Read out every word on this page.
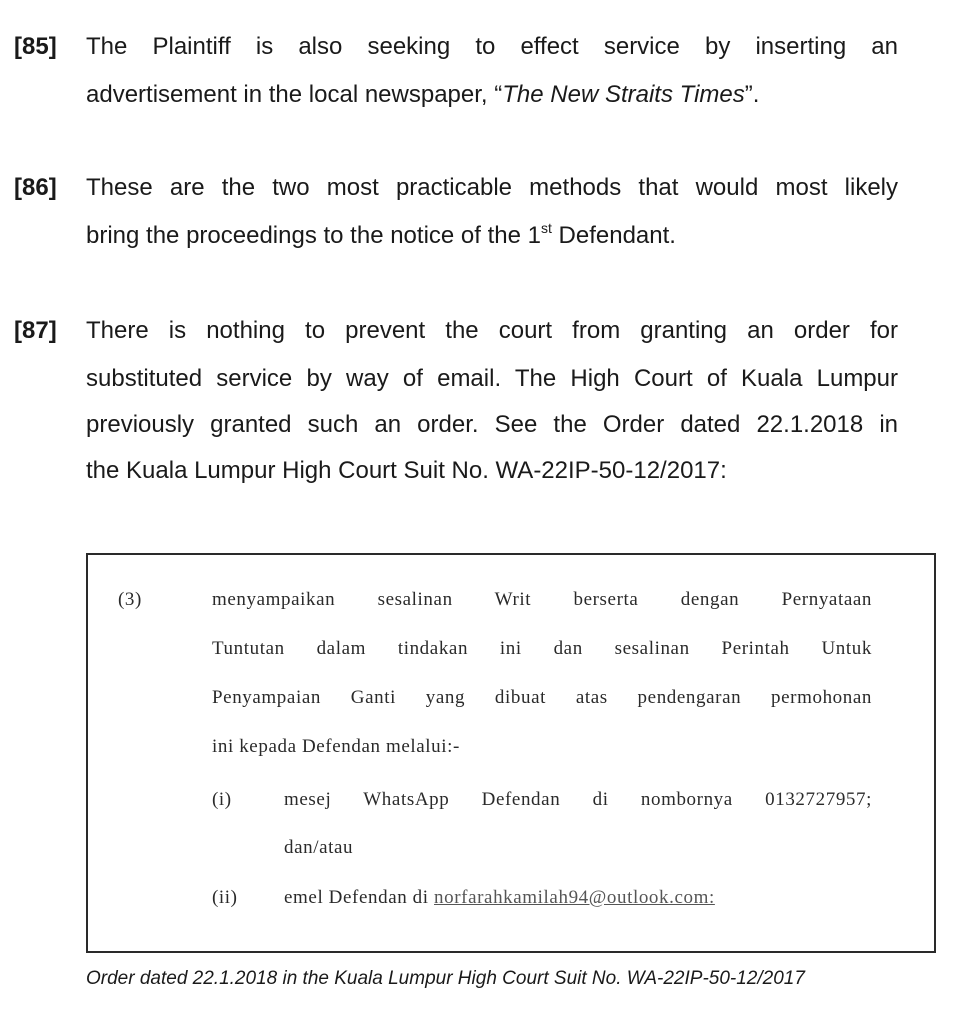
[85] The Plaintiff is also seeking to effect service by inserting an
advertisement in the local newspaper, “The New Straits Times”.
[86] These are the two most practicable methods that would most likely
bring the proceedings to the notice of the 1st Defendant.
[87] There is nothing to prevent the court from granting an order for
substituted service by way of email. The High Court of Kuala Lumpur
previously granted such an order. See the Order dated 22.1.2018 in
the Kuala Lumpur High Court Suit No. WA-22IP-50-12/2017:
(3)	menyampaikan sesalinan Writ berserta dengan Pernyataan
Tuntutan dalam tindakan ini dan sesalinan Perintah Untuk
Penyampaian Ganti yang dibuat atas pendengaran permohonan
ini kepada Defendan melalui:-
(i)	mesej WhatsApp Defendan di nombornya 0132727957;
dan/atau
(ii) emel Defendan di norfarahkamilah94@outlook.com:
Order dated 22.1.2018 in the Kuala Lumpur High Court Suit No. WA-22IP-50-12/2017
